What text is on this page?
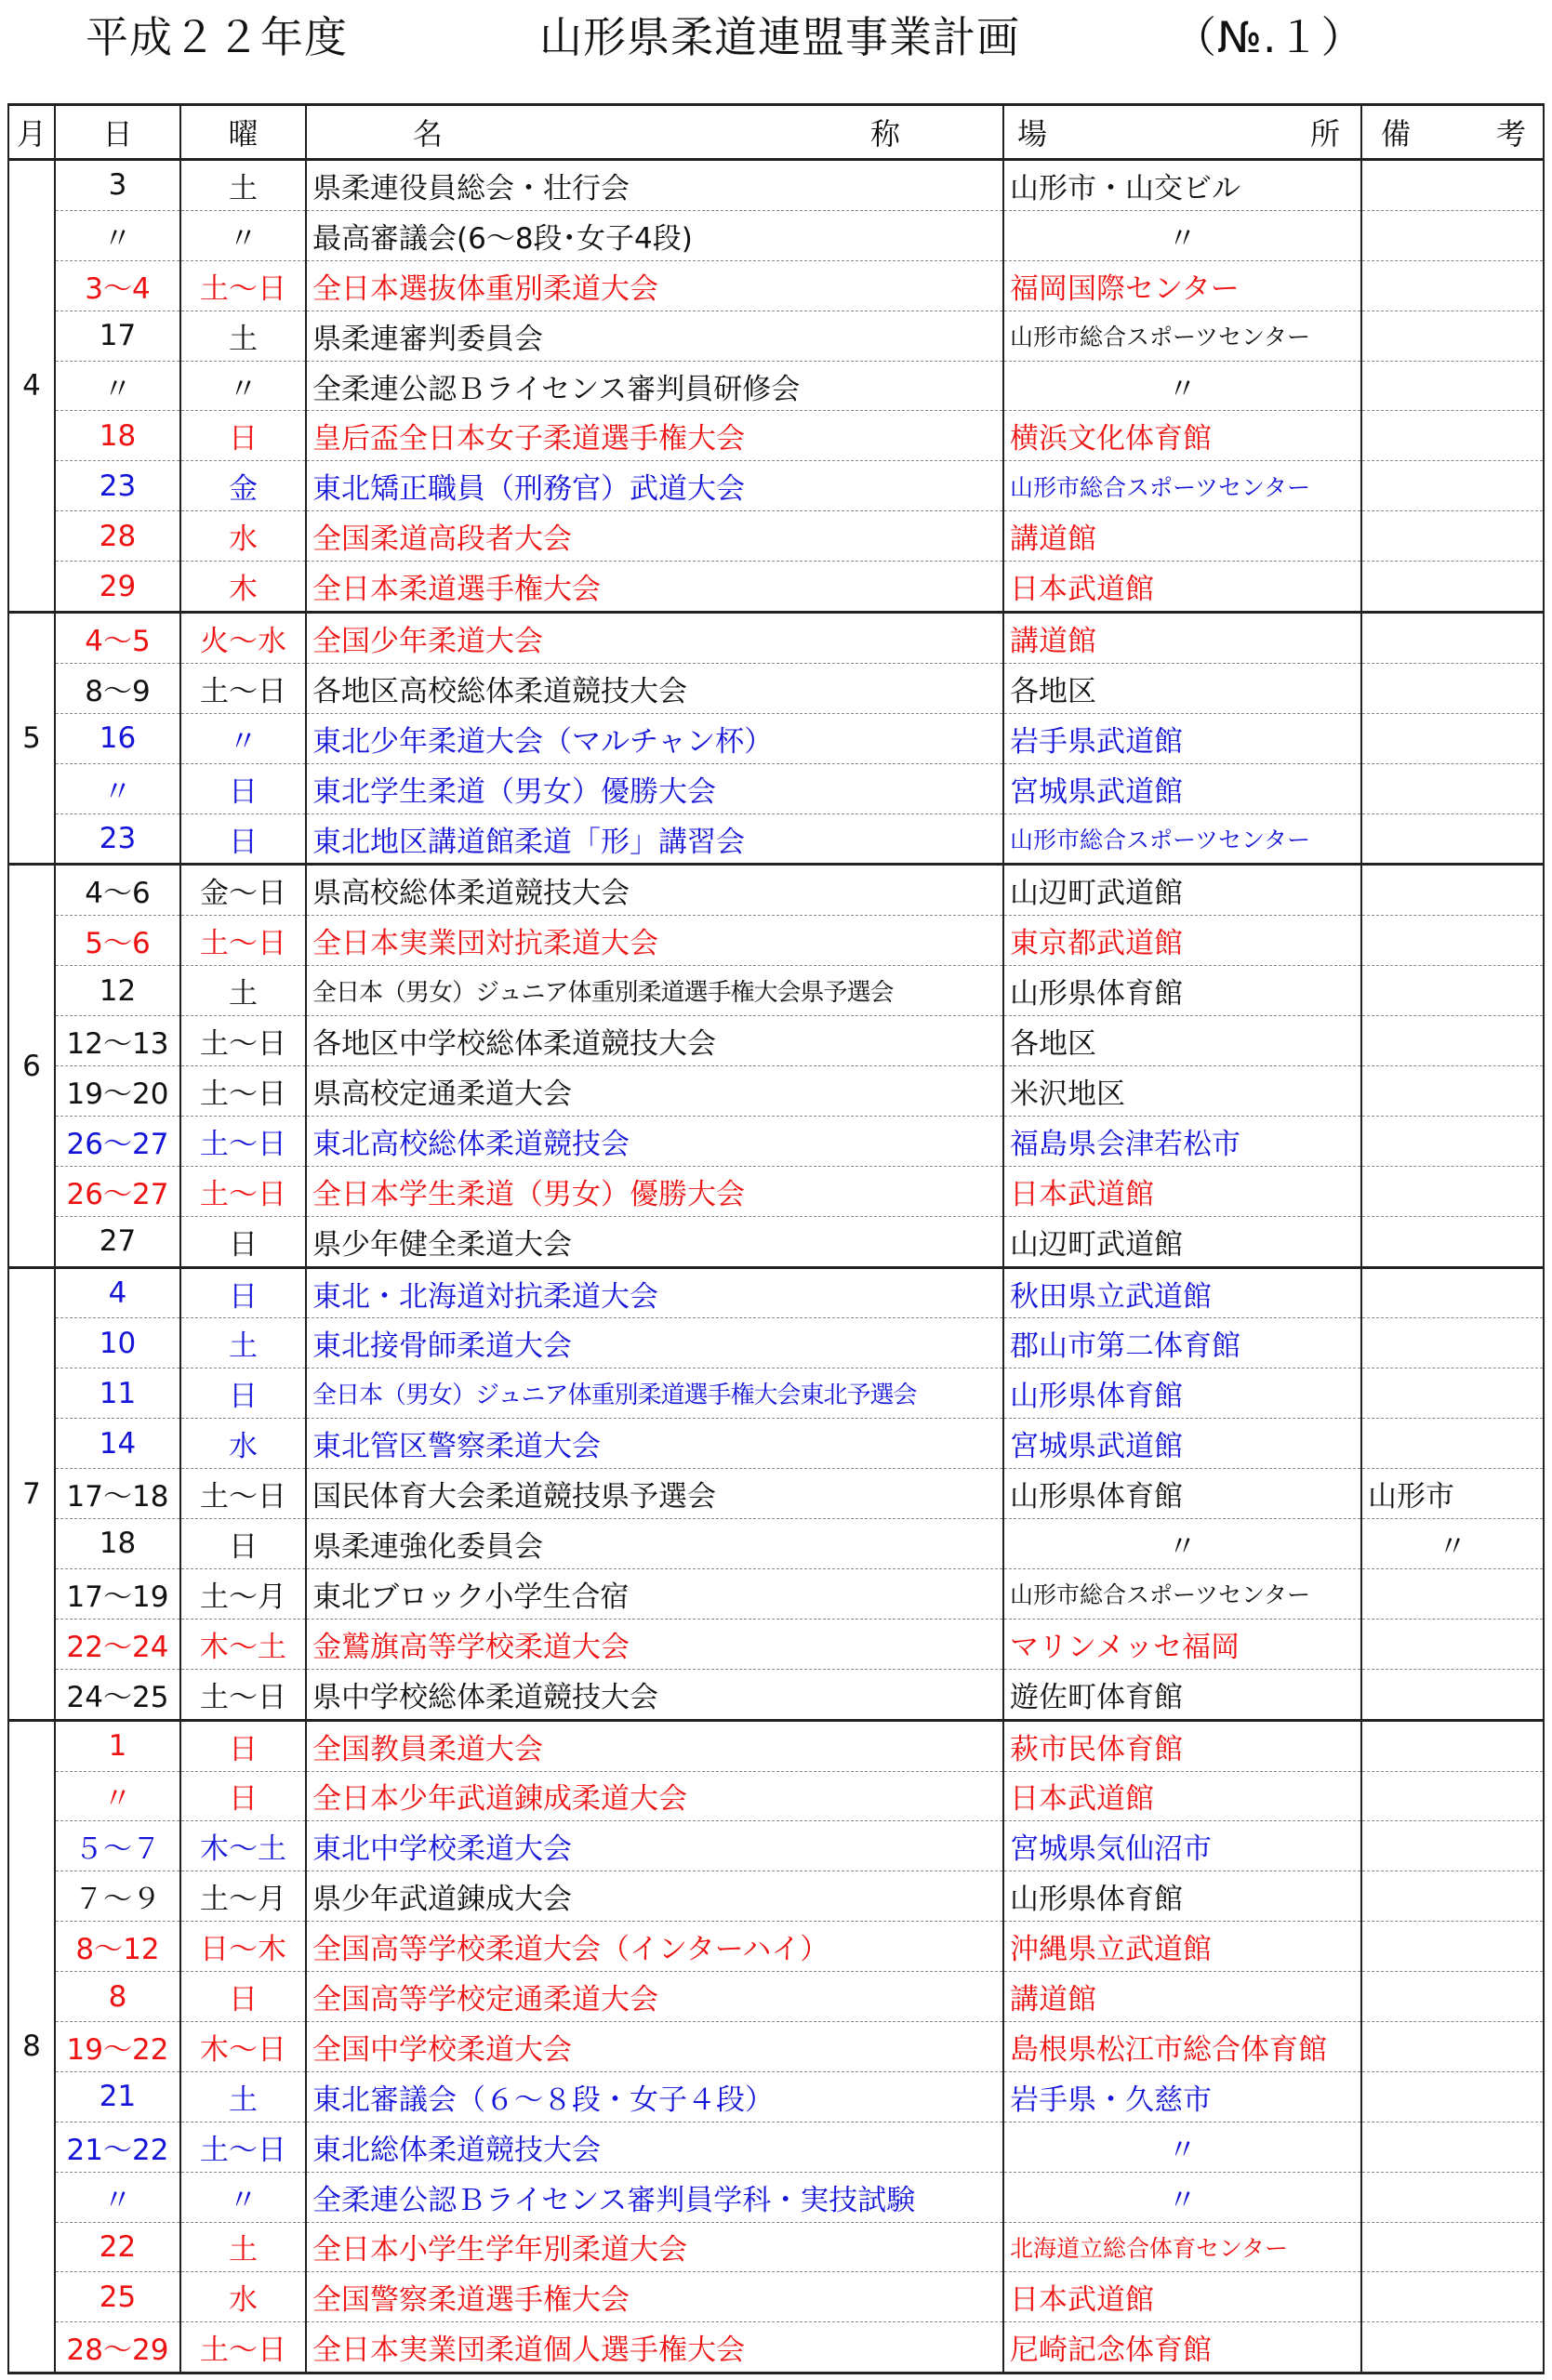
平成２２年度	山形県柔道連盟事業計画	（№.１）
月	日	曜	名 称	場 所	備 考

4	3	土	県柔連役員総会・壮行会	山形市・山交ビル	
	〃	〃	最高審議会(6～8段･女子4段)	〃	
	3～4	土～日	全日本選抜体重別柔道大会	福岡国際センター	
	17	土	県柔連審判委員会	山形市総合スポーツセンター	
	〃	〃	全柔連公認Ｂライセンス審判員研修会	〃	
	18	日	皇后盃全日本女子柔道選手権大会	横浜文化体育館	
	23	金	東北矯正職員（刑務官）武道大会	山形市総合スポーツセンター	
	28	水	全国柔道高段者大会	講道館	
	29	木	全日本柔道選手権大会	日本武道館	
5	4～5	火～水	全国少年柔道大会	講道館	
	8～9	土～日	各地区高校総体柔道競技大会	各地区	
	16	〃	東北少年柔道大会（マルチャン杯）	岩手県武道館	
	〃	日	東北学生柔道（男女）優勝大会	宮城県武道館	
	23	日	東北地区講道館柔道「形」講習会	山形市総合スポーツセンター	
6	4～6	金～日	県高校総体柔道競技大会	山辺町武道館	
	5～6	土～日	全日本実業団対抗柔道大会	東京都武道館	
	12	土	全日本（男女）ジュニア体重別柔道選手権大会県予選会	山形県体育館	
	12～13	土～日	各地区中学校総体柔道競技大会	各地区	
	19～20	土～日	県高校定通柔道大会	米沢地区	
	26～27	土～日	東北高校総体柔道競技会	福島県会津若松市	
	26～27	土～日	全日本学生柔道（男女）優勝大会	日本武道館	
	27	日	県少年健全柔道大会	山辺町武道館	
7	4	日	東北・北海道対抗柔道大会	秋田県立武道館	
	10	土	東北接骨師柔道大会	郡山市第二体育館	
	11	日	全日本（男女）ジュニア体重別柔道選手権大会東北予選会	山形県体育館	
	14	水	東北管区警察柔道大会	宮城県武道館	
	17～18	土～日	国民体育大会柔道競技県予選会	山形県体育館	山形市
	18	日	県柔連強化委員会	〃	〃
	17～19	土～月	東北ブロック小学生合宿	山形市総合スポーツセンター	
	22～24	木～土	金鷲旗高等学校柔道大会	マリンメッセ福岡	
	24～25	土～日	県中学校総体柔道競技大会	遊佐町体育館	
8	1	日	全国教員柔道大会	萩市民体育館	
	〃	日	全日本少年武道錬成柔道大会	日本武道館	
	５～７	木～土	東北中学校柔道大会	宮城県気仙沼市	
	７～９	土～月	県少年武道錬成大会	山形県体育館	
	8～12	日～木	全国高等学校柔道大会（インターハイ）	沖縄県立武道館	
	8	日	全国高等学校定通柔道大会	講道館	
	19～22	木～日	全国中学校柔道大会	島根県松江市総合体育館	
	21	土	東北審議会（６～８段・女子４段）	岩手県・久慈市	
	21～22	土～日	東北総体柔道競技大会	〃	
	〃	〃	全柔連公認Ｂライセンス審判員学科・実技試験	〃	
	22	土	全日本小学生学年別柔道大会	北海道立総合体育センター	
	25	水	全国警察柔道選手権大会	日本武道館	
	28～29	土～日	全日本実業団柔道個人選手権大会	尼崎記念体育館	
